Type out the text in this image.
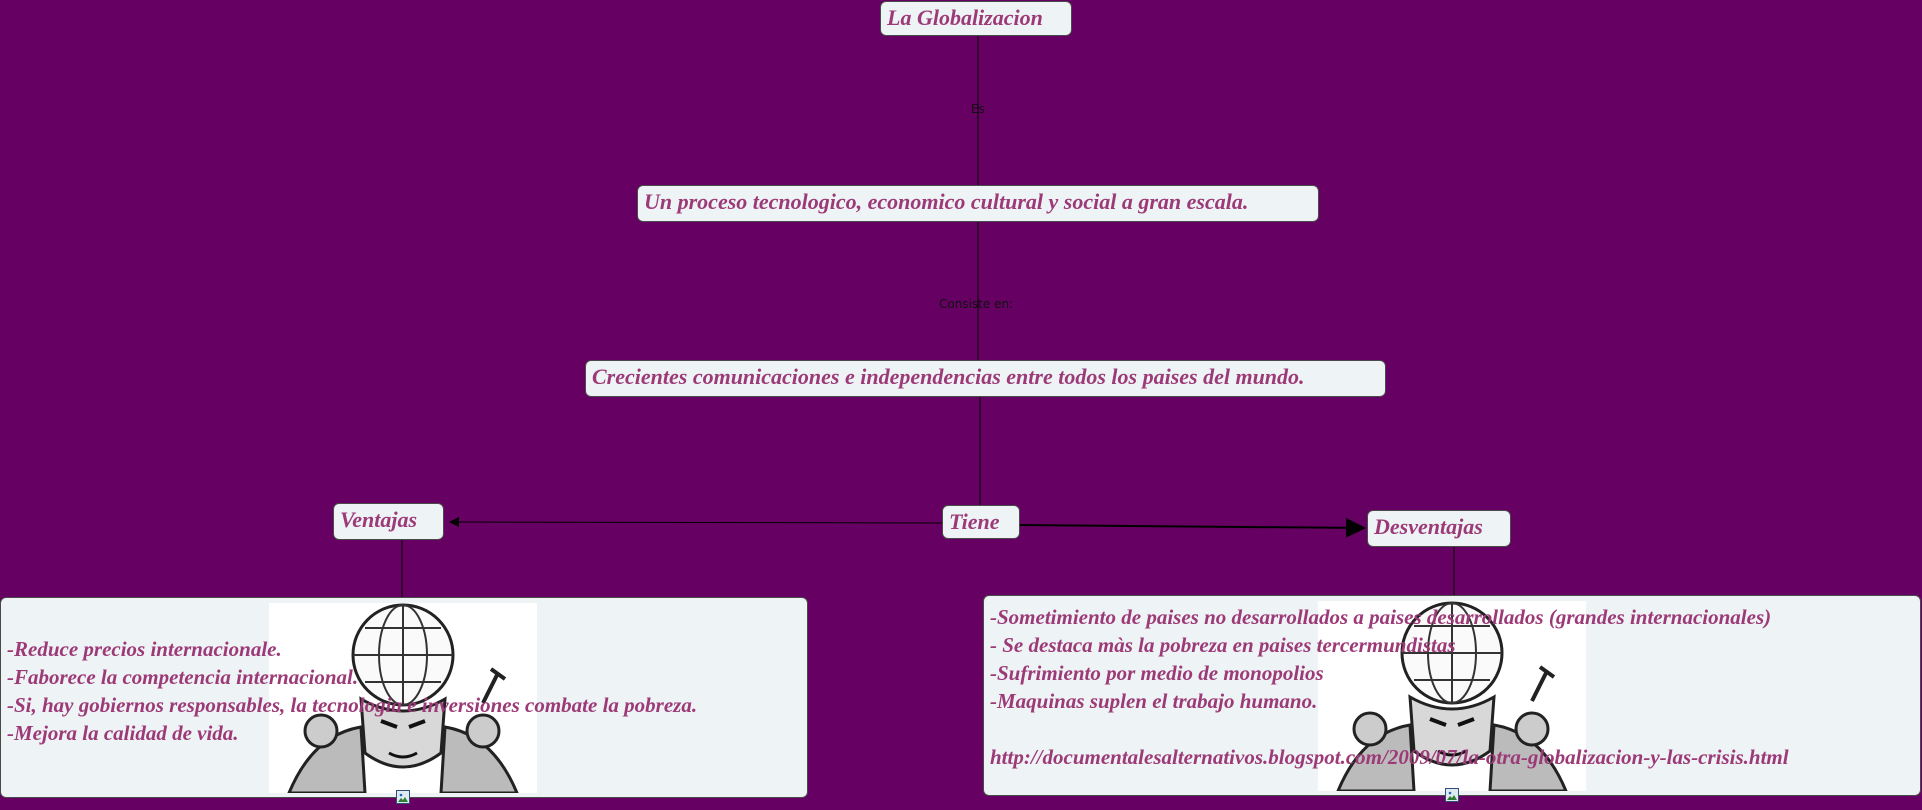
Es
Consiste en:
La Globalizacion
Un proceso tecnologico, economico cultural y social a gran escala.
Crecientes comunicaciones e independencias entre todos los paises del mundo.
Tiene
Ventajas	Desventajas
-Reduce precios internacionale.
-Faborece la competencia internacional.
-Si, hay gobiernos responsables, la tecnologia e inversiones combate la pobreza.
-Mejora la calidad de vida.
-Sometimiento de paises no desarrollados a paises desarrollados (grandes internacionales)
- Se destaca màs la pobreza en paises tercermundistas
-Sufrimiento por medio de monopolios
-Maquinas suplen el trabajo humano.
http://documentalesalternativos.blogspot.com/2009/07/la-otra-globalizacion-y-las-crisis.html
